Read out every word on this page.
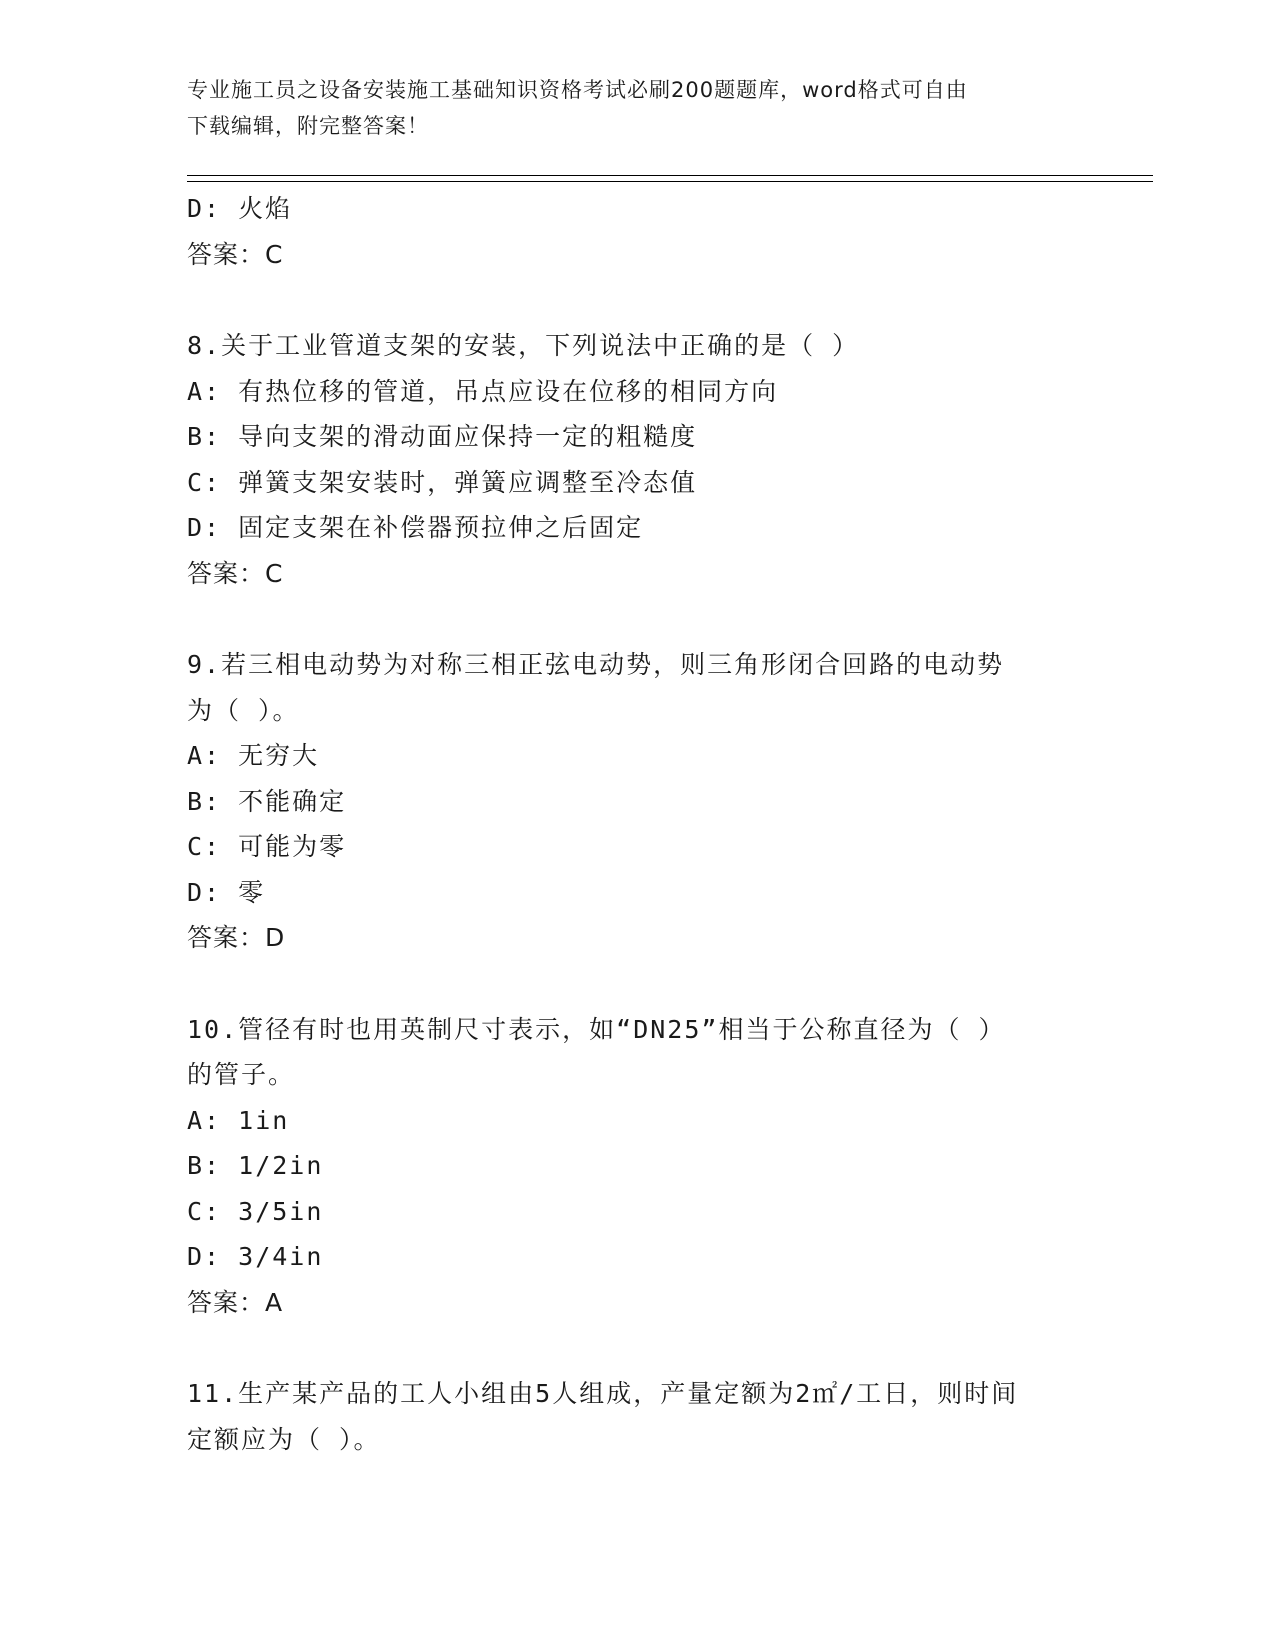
专业施工员之设备安装施工基础知识资格考试必刷200题题库，word格式可自由
下载编辑，附完整答案！
D: 火焰
答案：C
8.关于工业管道支架的安装，下列说法中正确的是（ ）
A: 有热位移的管道，吊点应设在位移的相同方向
B: 导向支架的滑动面应保持一定的粗糙度
C: 弹簧支架安装时，弹簧应调整至冷态值
D: 固定支架在补偿器预拉伸之后固定
答案：C
9.若三相电动势为对称三相正弦电动势，则三角形闭合回路的电动势
为（ ）。
A: 无穷大
B: 不能确定
C: 可能为零
D: 零
答案：D
10.管径有时也用英制尺寸表示，如“DN25”相当于公称直径为（ ）
的管子。
A: 1in
B: 1/2in
C: 3/5in
D: 3/4in
答案：A
11.生产某产品的工人小组由5人组成，产量定额为2㎡/工日，则时间
定额应为（ ）。
